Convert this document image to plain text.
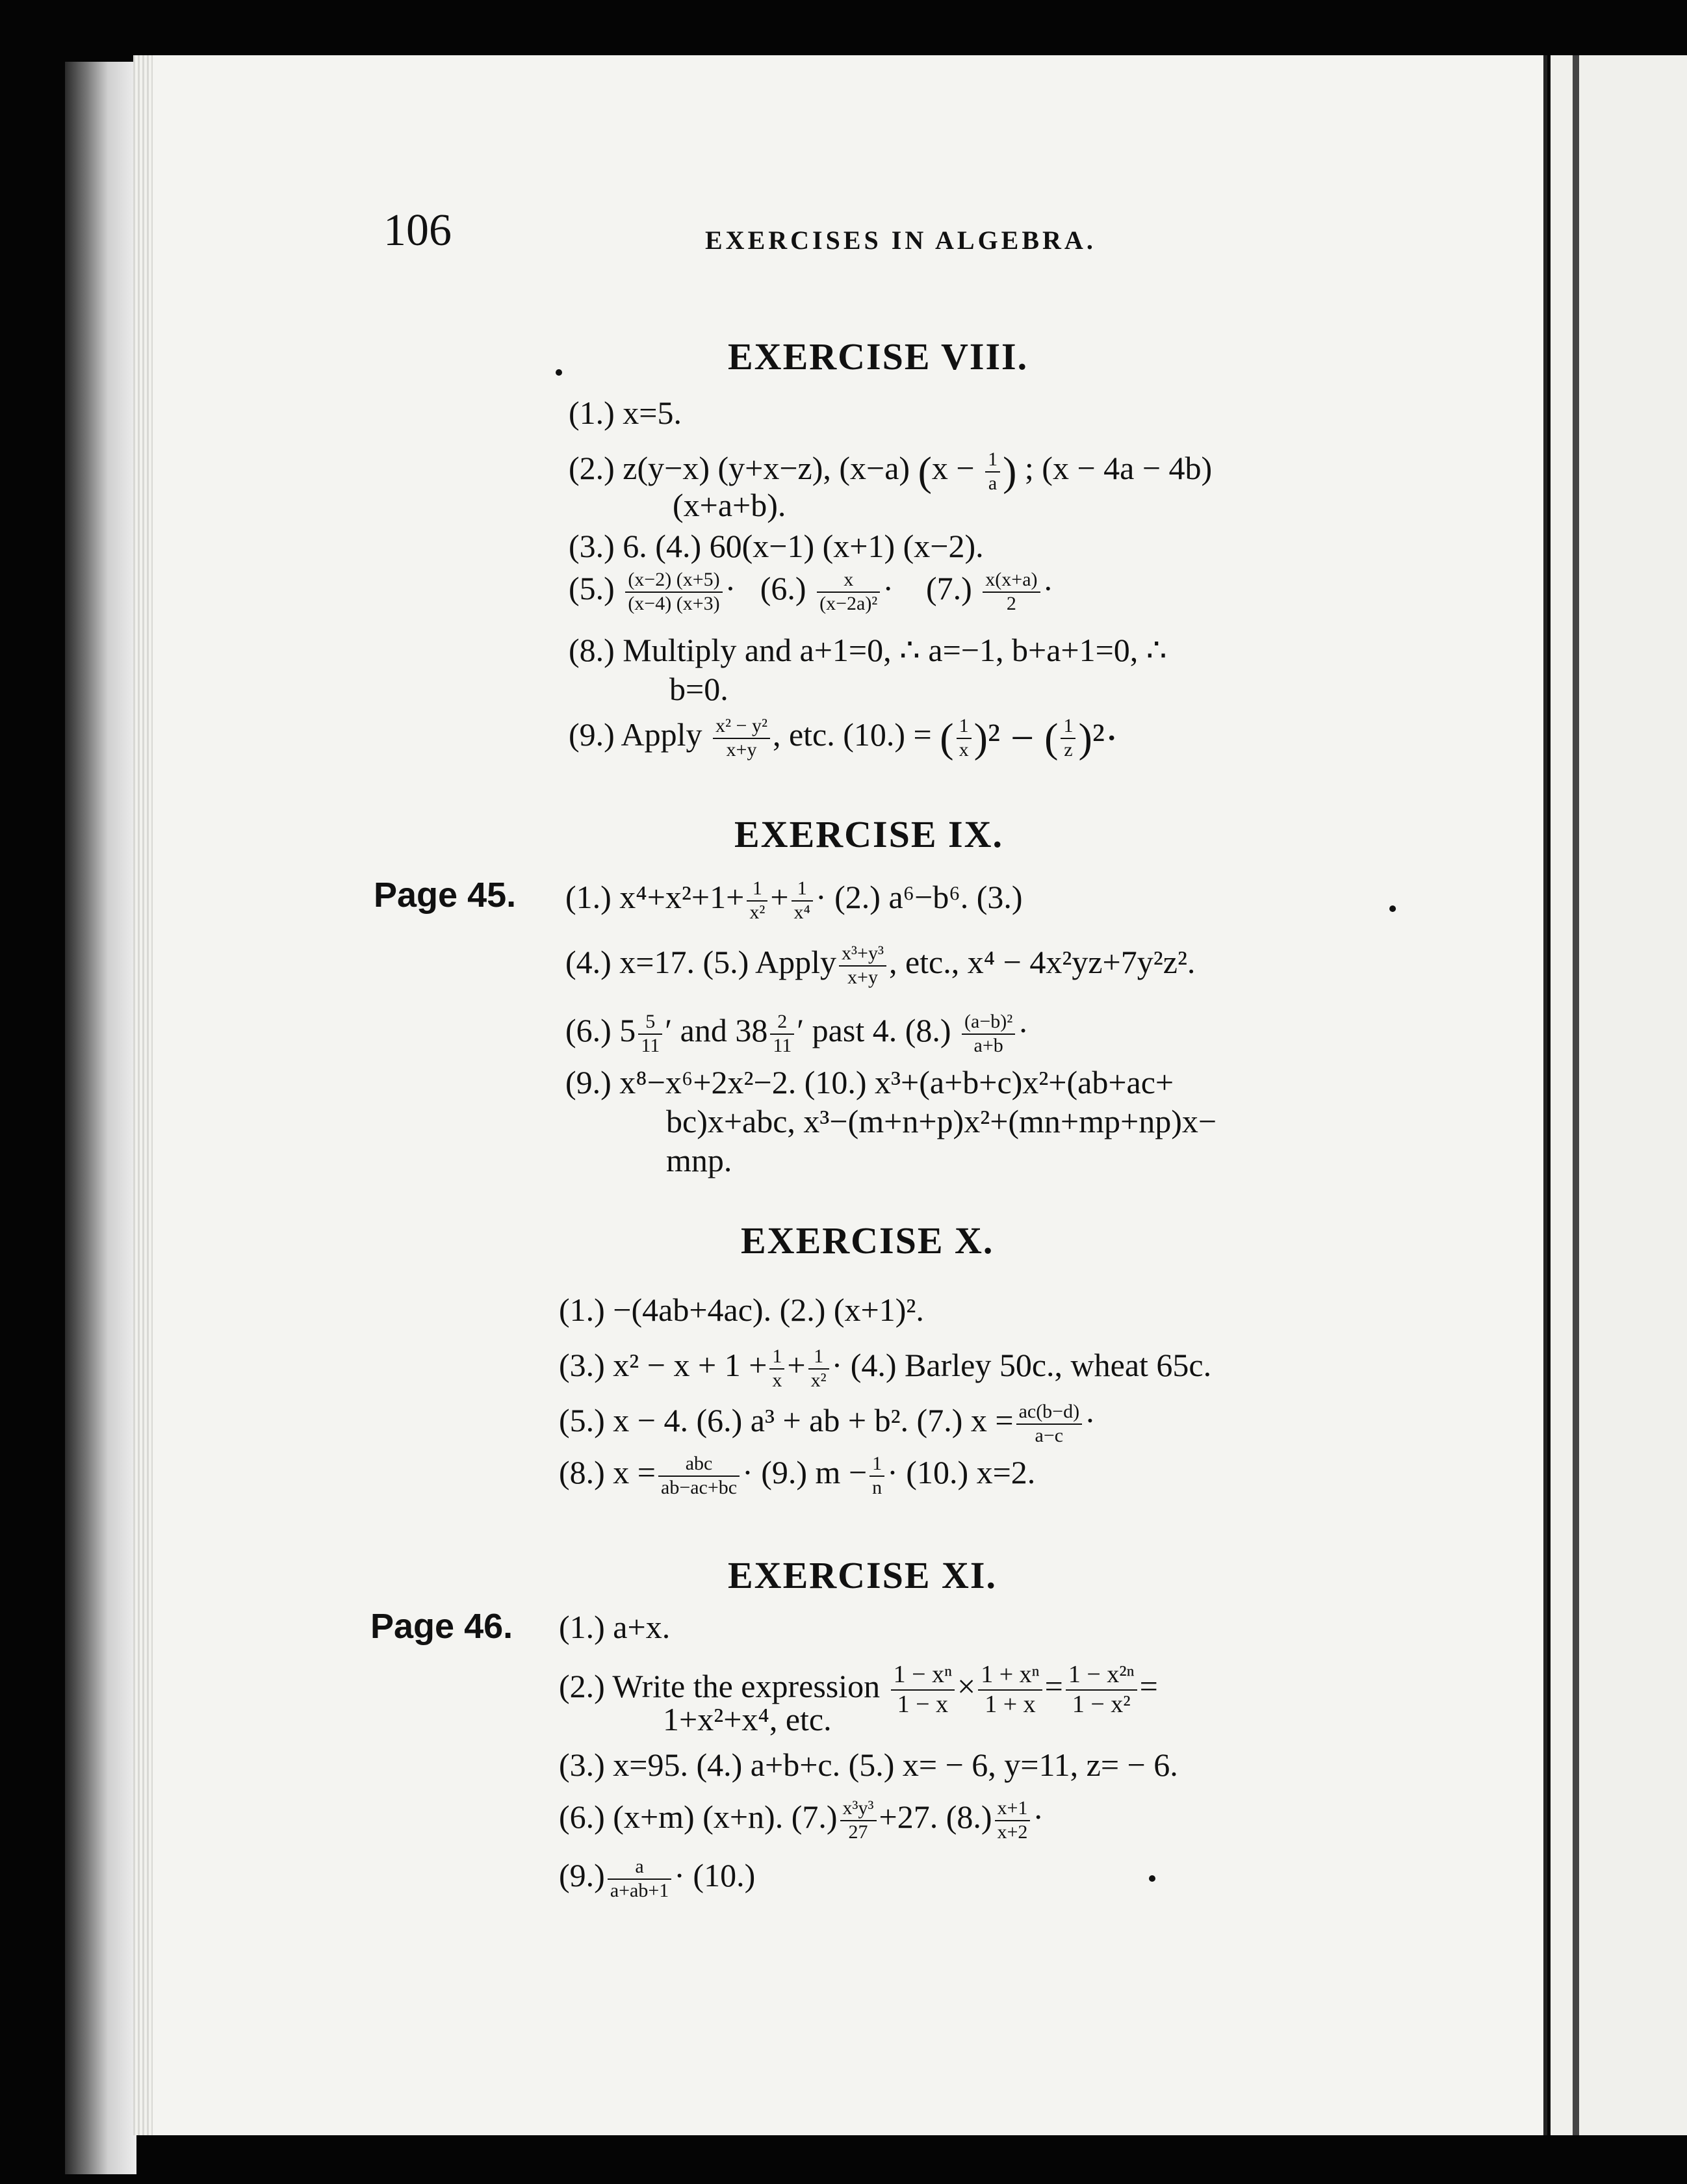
106	EXERCISES IN ALGEBRA.
EXERCISE VIII.
(1.) x=5.
(2.) z(y−x) (y+x−z), (x−a) ($x - \frac{1}{a}$ ) ; (x − 4a − 4b)
(x+a+b).
(3.) 6. (4.) 60(x−1) (x+1) (x−2).
$(5.) \frac{(x-2) (x+5)}{(x-4) (x+3)} \cdot (6.) \frac{x}{\text{(x−2a)²}} \cdot (7.) \frac{x(x+a)}{2}$ ·
(8.) Multiply and a+1=0, ∴ a=−1, b+a+1=0, ∴
b=0.
(9.) Apply $\frac{\text{x² − y²}}{x+y}$ , etc. (10.) = ( $\frac{1}{x} )^2$ − ( $\frac{1}{z} )^2\cdot$
EXERCISE IX.
Page 45. (1.) $x^4+x^2+1+ \frac{1}{\text{x²}} + \frac{1}{\text{x⁴}} \cdot (2.)$ a⁶−b⁶. (3.)
(4.) x=17. (5.) Apply $\frac{\text{x³+y³}}{x+y}$ , etc., x⁴ − 4x²yz+7y²z².
(6.) $5 \frac{5}{11}$ ′ and $38 \frac{2}{11}$ ′ past 4. $(8.) \frac{\text{(a−b)²}}{a+b}$ ·
(9.) x⁸−x⁶+2x²−2. (10.) x³+(a+b+c)x²+(ab+ac+
bc)x+abc, x³−(m+n+p)x²+(mn+mp+np)x−
mnp.
EXERCISE X.
(1.) −(4ab+4ac). (2.) (x+1)².
(3.) $x^2 - x + 1 + \frac{1}{x} + \frac{1}{\text{x²}} \cdot (4.)$ Barley 50c., wheat 65c.
(5.) x − 4. (6.) a³ + ab + b². (7.) $x = \frac{ac(b-d)}{a-c}$ ·
(8.) x =	abc
ab−ac+bc · (9.) $m - \frac{1}{n} \cdot (10.)$ x=2.
EXERCISE XI.
Page 46. (1.) a+x.
(2.) Write the expression $\frac{\text{1 − xⁿ}}{1 - x} \times \frac{\text{1 + xⁿ}}{1 + x} = \frac{\text{1 − x²ⁿ}}{\text{1 − x²}}$ =
1+x²+x⁴, etc.
(3.) x=95. (4.) a+b+c. (5.) x= − 6, y=11, z= − 6.
(6.) (x+m) (x+n). $(7.) \frac{\text{x³y³}}{27} +27$. $(8.) \frac{x+1}{x+2}$ ·
$(9.) \frac{a}{a+ab+1} \cdot (10.)$
